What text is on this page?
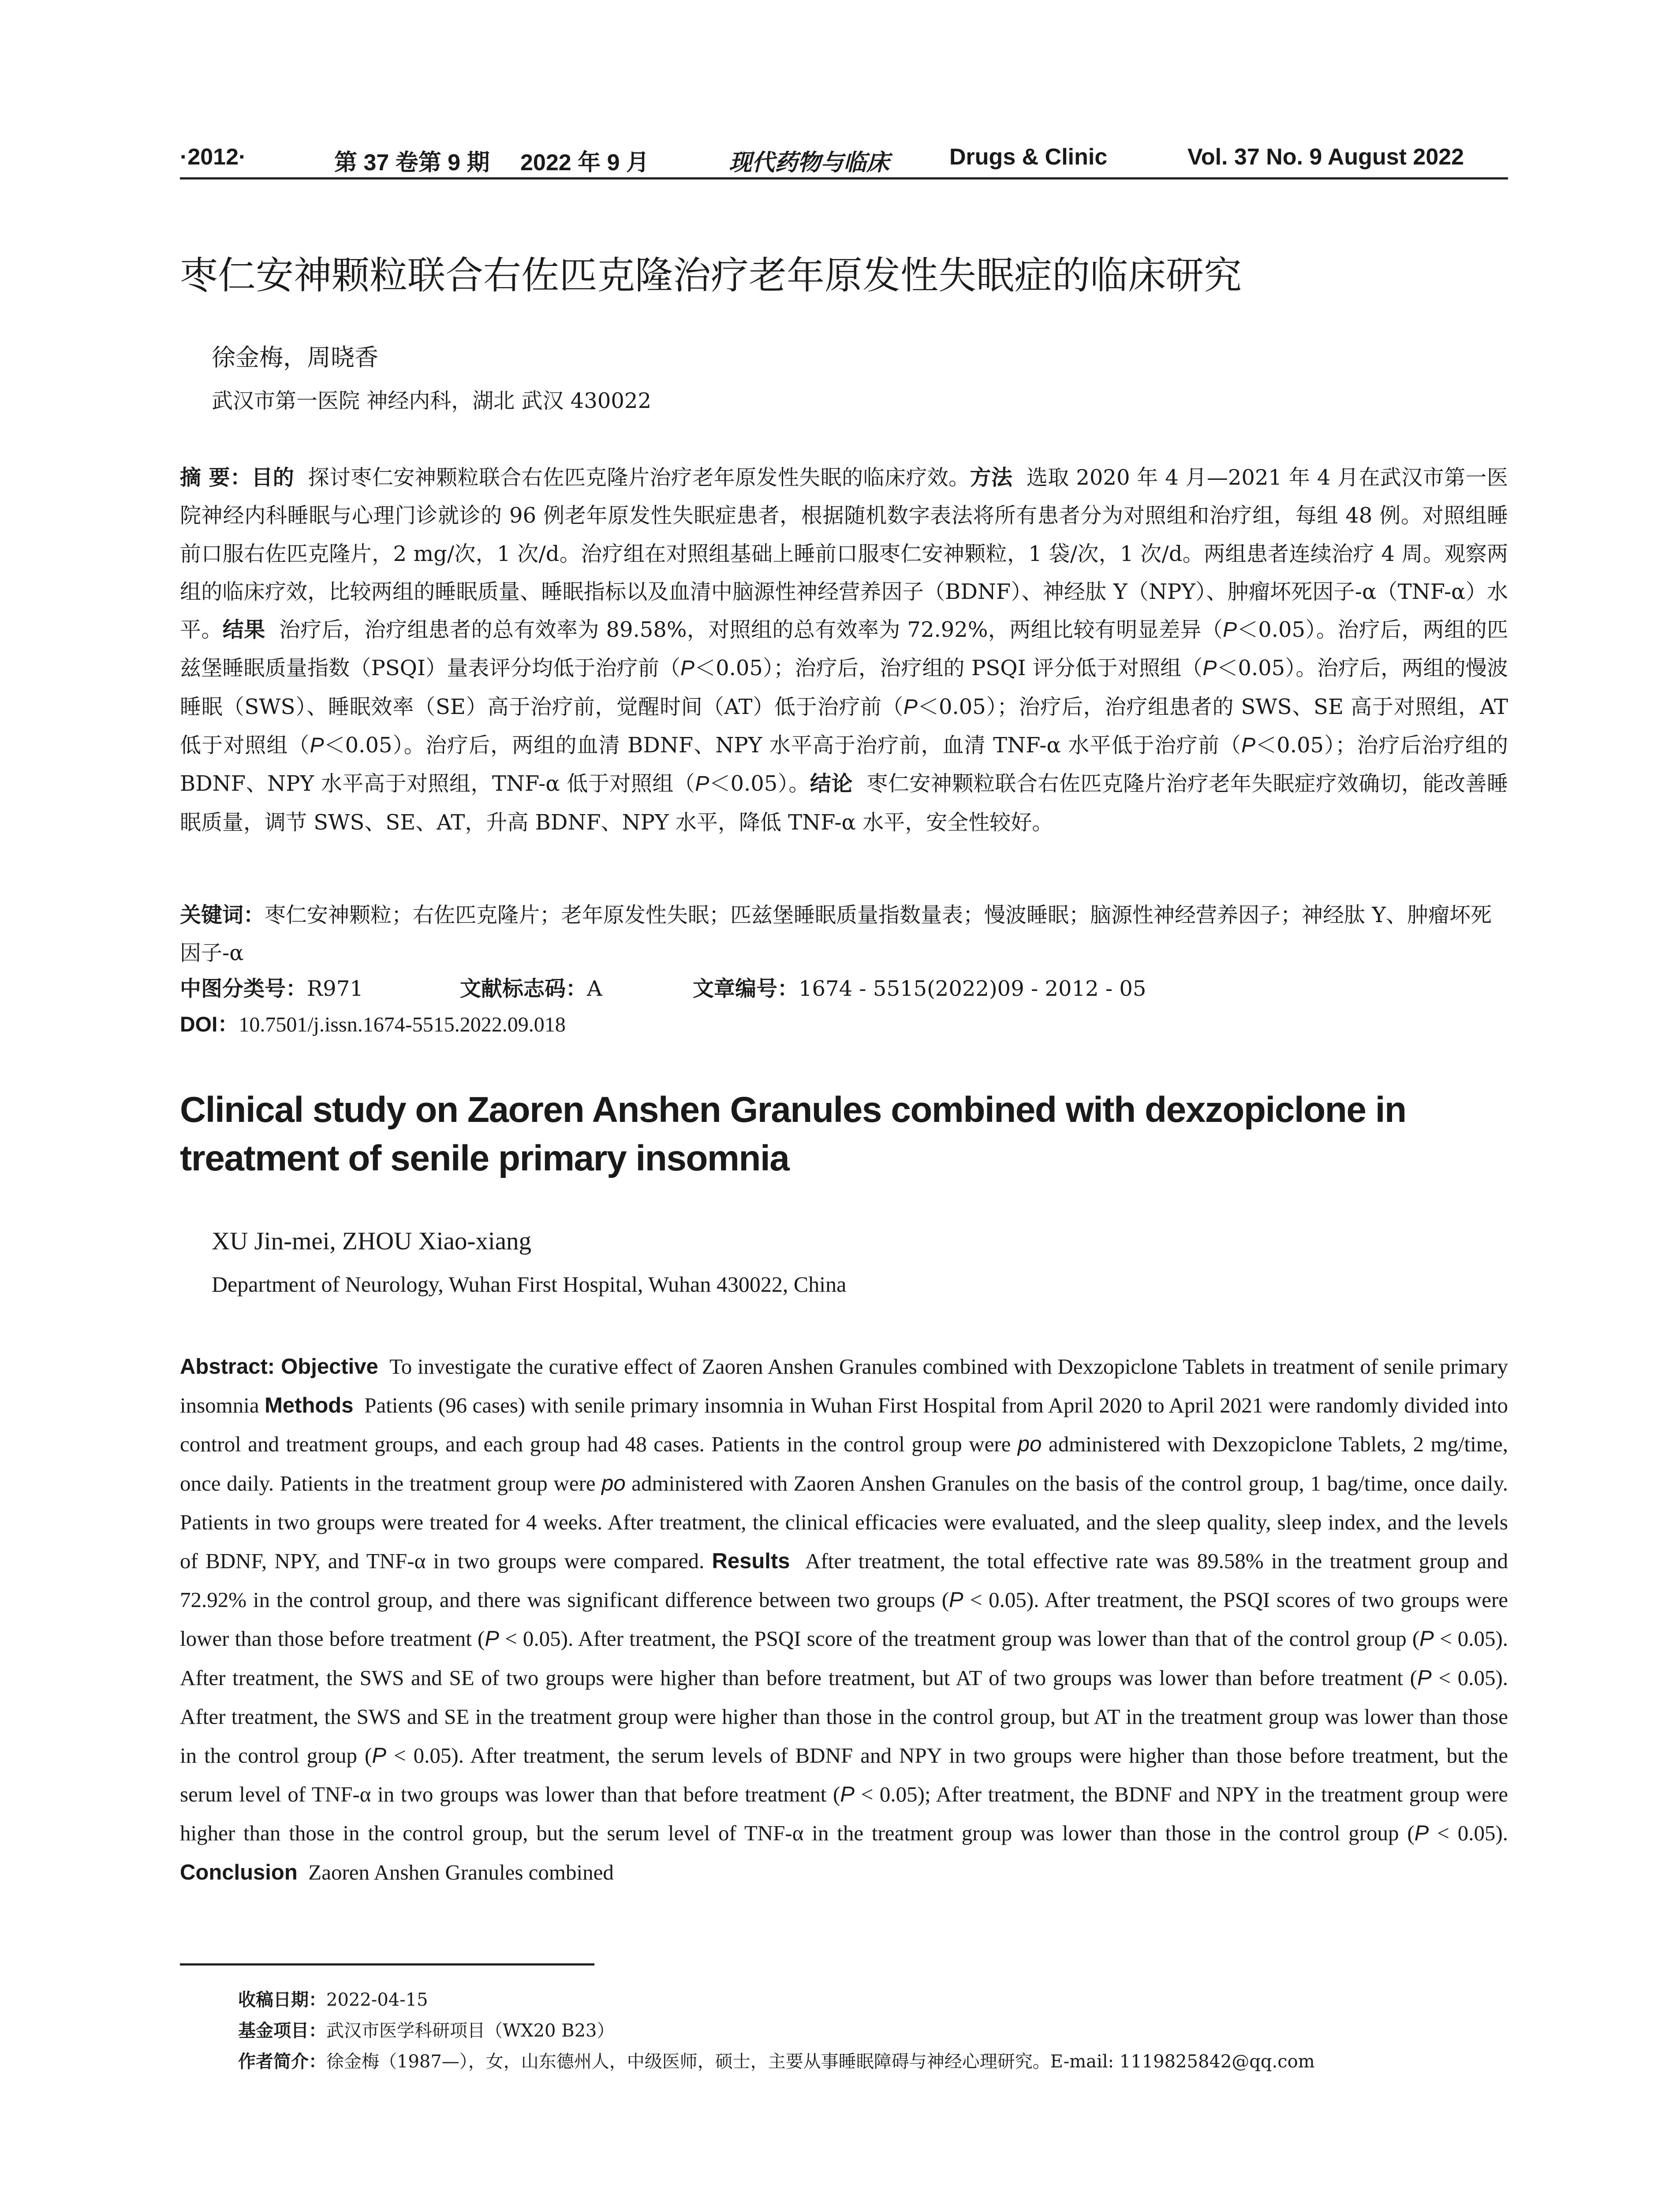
·2012·	第 37 卷第 9 期 2022 年 9 月	现代药物与临床	Drugs & Clinic	Vol. 37 No. 9 August 2022
枣仁安神颗粒联合右佐匹克隆治疗老年原发性失眠症的临床研究
徐金梅，周晓香
武汉市第一医院 神经内科，湖北 武汉 430022
摘 要：目的 探讨枣仁安神颗粒联合右佐匹克隆片治疗老年原发性失眠的临床疗效。方法 选取 2020 年 4 月—2021 年 4 月在武汉市第一医院神经内科睡眠与心理门诊就诊的 96 例老年原发性失眠症患者，根据随机数字表法将所有患者分为对照组和治疗组，每组 48 例。对照组睡前口服右佐匹克隆片，2 mg/次，1 次/d。治疗组在对照组基础上睡前口服枣仁安神颗粒，1 袋/次，1 次/d。两组患者连续治疗 4 周。观察两组的临床疗效，比较两组的睡眠质量、睡眠指标以及血清中脑源性神经营养因子（BDNF）、神经肽 Y（NPY）、肿瘤坏死因子-α（TNF-α）水平。结果 治疗后，治疗组患者的总有效率为 89.58%，对照组的总有效率为 72.92%，两组比较有明显差异（P＜0.05）。治疗后，两组的匹兹堡睡眠质量指数（PSQI）量表评分均低于治疗前（P＜0.05）；治疗后，治疗组的 PSQI 评分低于对照组（P＜0.05）。治疗后，两组的慢波睡眠（SWS）、睡眠效率（SE）高于治疗前，觉醒时间（AT）低于治疗前（P＜0.05）；治疗后，治疗组患者的 SWS、SE 高于对照组，AT 低于对照组（P＜0.05）。治疗后，两组的血清 BDNF、NPY 水平高于治疗前，血清 TNF-α 水平低于治疗前（P＜0.05）；治疗后治疗组的 BDNF、NPY 水平高于对照组，TNF-α 低于对照组（P＜0.05）。结论 枣仁安神颗粒联合右佐匹克隆片治疗老年失眠症疗效确切，能改善睡眠质量，调节 SWS、SE、AT，升高 BDNF、NPY 水平，降低 TNF-α 水平，安全性较好。
关键词：枣仁安神颗粒；右佐匹克隆片；老年原发性失眠；匹兹堡睡眠质量指数量表；慢波睡眠；脑源性神经营养因子；神经肽 Y、肿瘤坏死因子-α
中图分类号：R971	文献标志码：A	文章编号：1674 - 5515(2022)09 - 2012 - 05
DOI：10.7501/j.issn.1674-5515.2022.09.018
Clinical study on Zaoren Anshen Granules combined with dexzopiclone in treatment of senile primary insomnia
XU Jin-mei, ZHOU Xiao-xiang
Department of Neurology, Wuhan First Hospital, Wuhan 430022, China
Abstract: Objective To investigate the curative effect of Zaoren Anshen Granules combined with Dexzopiclone Tablets in treatment of senile primary insomnia Methods Patients (96 cases) with senile primary insomnia in Wuhan First Hospital from April 2020 to April 2021 were randomly divided into control and treatment groups, and each group had 48 cases. Patients in the control group were po administered with Dexzopiclone Tablets, 2 mg/time, once daily. Patients in the treatment group were po administered with Zaoren Anshen Granules on the basis of the control group, 1 bag/time, once daily. Patients in two groups were treated for 4 weeks. After treatment, the clinical efficacies were evaluated, and the sleep quality, sleep index, and the levels of BDNF, NPY, and TNF-α in two groups were compared. Results After treatment, the total effective rate was 89.58% in the treatment group and 72.92% in the control group, and there was significant difference between two groups (P < 0.05). After treatment, the PSQI scores of two groups were lower than those before treatment (P < 0.05). After treatment, the PSQI score of the treatment group was lower than that of the control group (P < 0.05). After treatment, the SWS and SE of two groups were higher than before treatment, but AT of two groups was lower than before treatment (P < 0.05). After treatment, the SWS and SE in the treatment group were higher than those in the control group, but AT in the treatment group was lower than those in the control group (P < 0.05). After treatment, the serum levels of BDNF and NPY in two groups were higher than those before treatment, but the serum level of TNF-α in two groups was lower than that before treatment (P < 0.05); After treatment, the BDNF and NPY in the treatment group were higher than those in the control group, but the serum level of TNF-α in the treatment group was lower than those in the control group (P < 0.05). Conclusion Zaoren Anshen Granules combined
收稿日期：2022-04-15
基金项目：武汉市医学科研项目（WX20 B23）
作者简介：徐金梅（1987—），女，山东德州人，中级医师，硕士，主要从事睡眠障碍与神经心理研究。E-mail: 1119825842@qq.com
